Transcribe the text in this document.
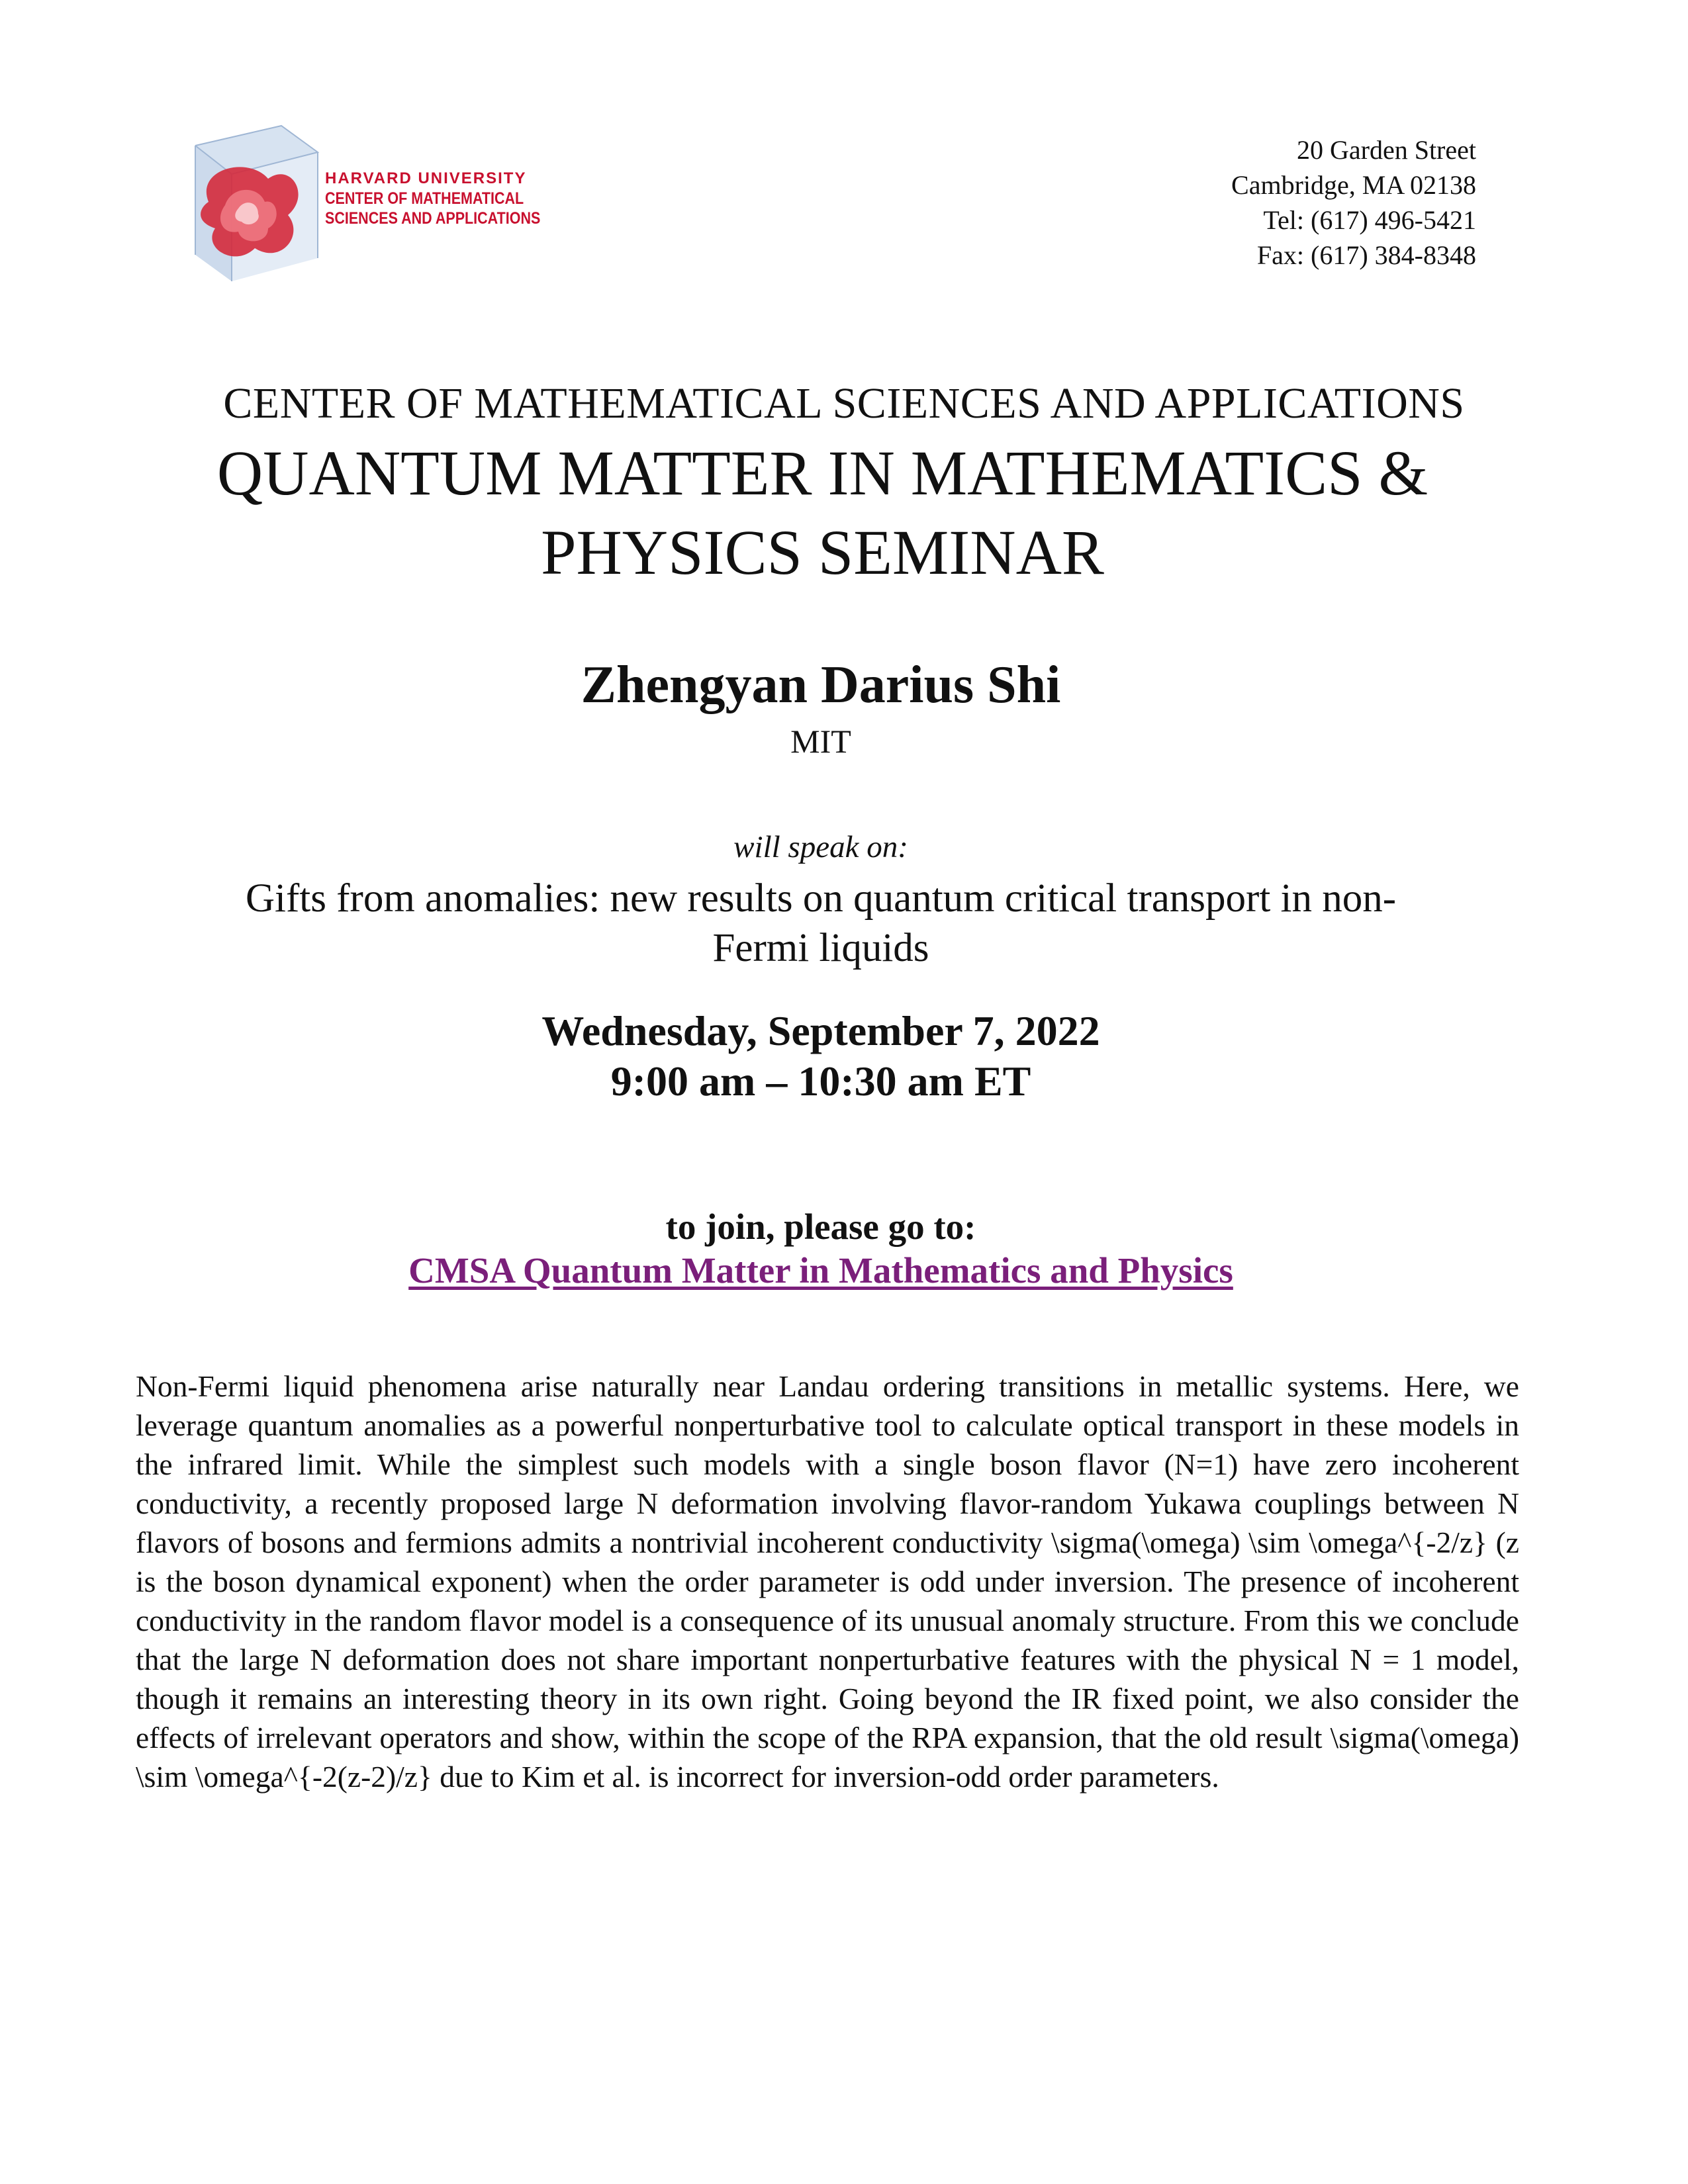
HARVARD UNIVERSITY
CENTER OF MATHEMATICAL
SCIENCES AND APPLICATIONS
20 Garden Street
Cambridge, MA 02138
Tel: (617) 496-5421
Fax: (617) 384-8348
CENTER OF MATHEMATICAL SCIENCES AND APPLICATIONS
QUANTUM MATTER IN MATHEMATICS &
PHYSICS SEMINAR
Zhengyan Darius Shi
MIT
will speak on:
Gifts from anomalies: new results on quantum critical transport in non-
Fermi liquids
Wednesday, September 7, 2022
9:00 am – 10:30 am ET
to join, please go to:
CMSA Quantum Matter in Mathematics and Physics
Non-Fermi liquid phenomena arise naturally near Landau ordering transitions in metallic systems. Here, we leverage quantum anomalies as a powerful nonperturbative tool to calculate optical transport in these models in the infrared limit. While the simplest such models with a single boson flavor (N=1) have zero incoherent conductivity, a recently proposed large N deformation involving flavor-random Yukawa couplings between N flavors of bosons and fermions admits a nontrivial incoherent conductivity \sigma(\omega) \sim \omega^{-2/z} (z is the boson dynamical exponent) when the order parameter is odd under inversion. The presence of incoherent conductivity in the random flavor model is a consequence of its unusual anomaly structure. From this we conclude that the large N deformation does not share important nonperturbative features with the physical N = 1 model, though it remains an interesting theory in its own right. Going beyond the IR fixed point, we also consider the effects of irrelevant operators and show, within the scope of the RPA expansion, that the old result \sigma(\omega) \sim \omega^{-2(z-2)/z} due to Kim et al. is incorrect for inversion-odd order parameters.
